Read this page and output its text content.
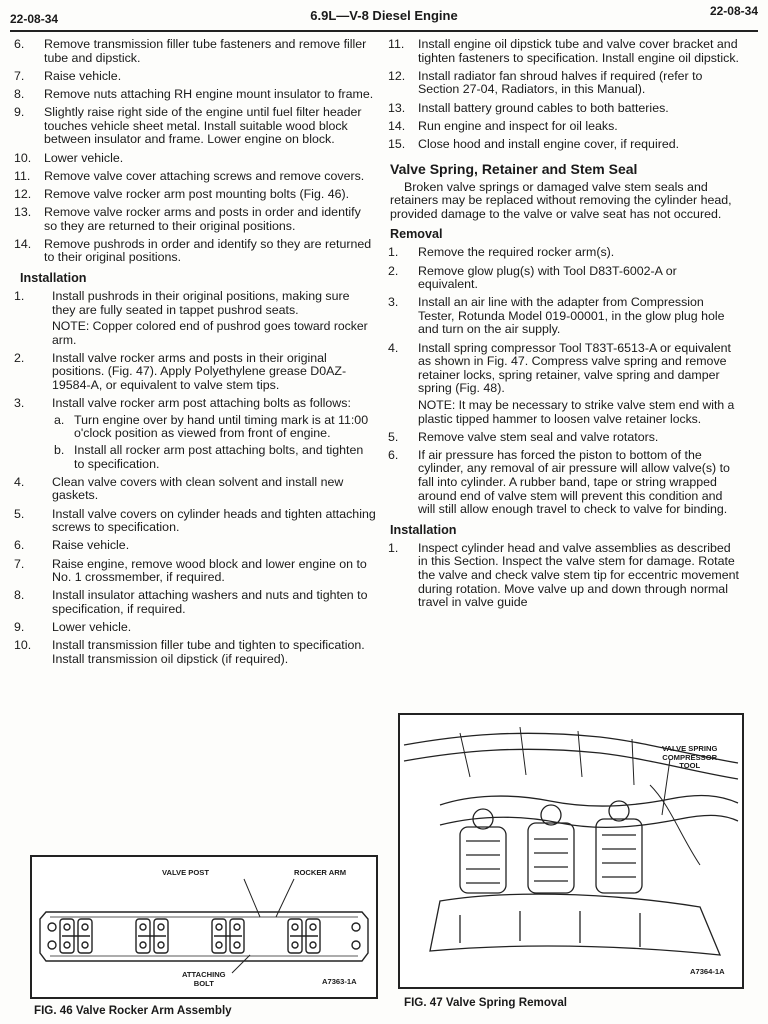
22-08-34	6.9L—V-8 Diesel Engine	22-08-34
6. Remove transmission filler tube fasteners and remove filler tube and dipstick.
7. Raise vehicle.
8. Remove nuts attaching RH engine mount insulator to frame.
9. Slightly raise right side of the engine until fuel filter header touches vehicle sheet metal. Install suitable wood block between insulator and frame. Lower engine on block.
10. Lower vehicle.
11. Remove valve cover attaching screws and remove covers.
12. Remove valve rocker arm post mounting bolts (Fig. 46).
13. Remove valve rocker arms and posts in order and identify so they are returned to their original positions.
14. Remove pushrods in order and identify so they are returned to their original positions.
Installation
1. Install pushrods in their original positions, making sure they are fully seated in tappet pushrod seats.
NOTE: Copper colored end of pushrod goes toward rocker arm.
2. Install valve rocker arms and posts in their original positions. (Fig. 47). Apply Polyethylene grease D0AZ-19584-A, or equivalent to valve stem tips.
3. Install valve rocker arm post attaching bolts as follows:
a. Turn engine over by hand until timing mark is at 11:00 o'clock position as viewed from front of engine.
b. Install all rocker arm post attaching bolts, and tighten to specification.
4. Clean valve covers with clean solvent and install new gaskets.
5. Install valve covers on cylinder heads and tighten attaching screws to specification.
6. Raise vehicle.
7. Raise engine, remove wood block and lower engine on to No. 1 crossmember, if required.
8. Install insulator attaching washers and nuts and tighten to specification, if required.
9. Lower vehicle.
10. Install transmission filler tube and tighten to specification. Install transmission oil dipstick (if required).
11. Install engine oil dipstick tube and valve cover bracket and tighten fasteners to specification. Install engine oil dipstick.
12. Install radiator fan shroud halves if required (refer to Section 27-04, Radiators, in this Manual).
13. Install battery ground cables to both batteries.
14. Run engine and inspect for oil leaks.
15. Close hood and install engine cover, if required.
Valve Spring, Retainer and Stem Seal
Broken valve springs or damaged valve stem seals and retainers may be replaced without removing the cylinder head, provided damage to the valve or valve seat has not occured.
Removal
1. Remove the required rocker arm(s).
2. Remove glow plug(s) with Tool D83T-6002-A or equivalent.
3. Install an air line with the adapter from Compression Tester, Rotunda Model 019-00001, in the glow plug hole and turn on the air supply.
4. Install spring compressor Tool T83T-6513-A or equivalent as shown in Fig. 47. Compress valve spring and remove retainer locks, spring retainer, valve spring and damper spring (Fig. 48).
NOTE: It may be necessary to strike valve stem end with a plastic tipped hammer to loosen valve retainer locks.
5. Remove valve stem seal and valve rotators.
6. If air pressure has forced the piston to bottom of the cylinder, any removal of air pressure will allow valve(s) to fall into cylinder. A rubber band, tape or string wrapped around end of valve stem will prevent this condition and will still allow enough travel to check to valve for binding.
Installation
1. Inspect cylinder head and valve assemblies as described in this Section. Inspect the valve stem for damage. Rotate the valve and check valve stem tip for eccentric movement during rotation. Move valve up and down through normal travel in valve guide
VALVE POST	ROCKER ARM
ATTACHING
BOLT	A7363-1A
FIG. 46 Valve Rocker Arm Assembly
VALVE SPRING
COMPRESSOR
TOOL
A7364-1A
FIG. 47 Valve Spring Removal
